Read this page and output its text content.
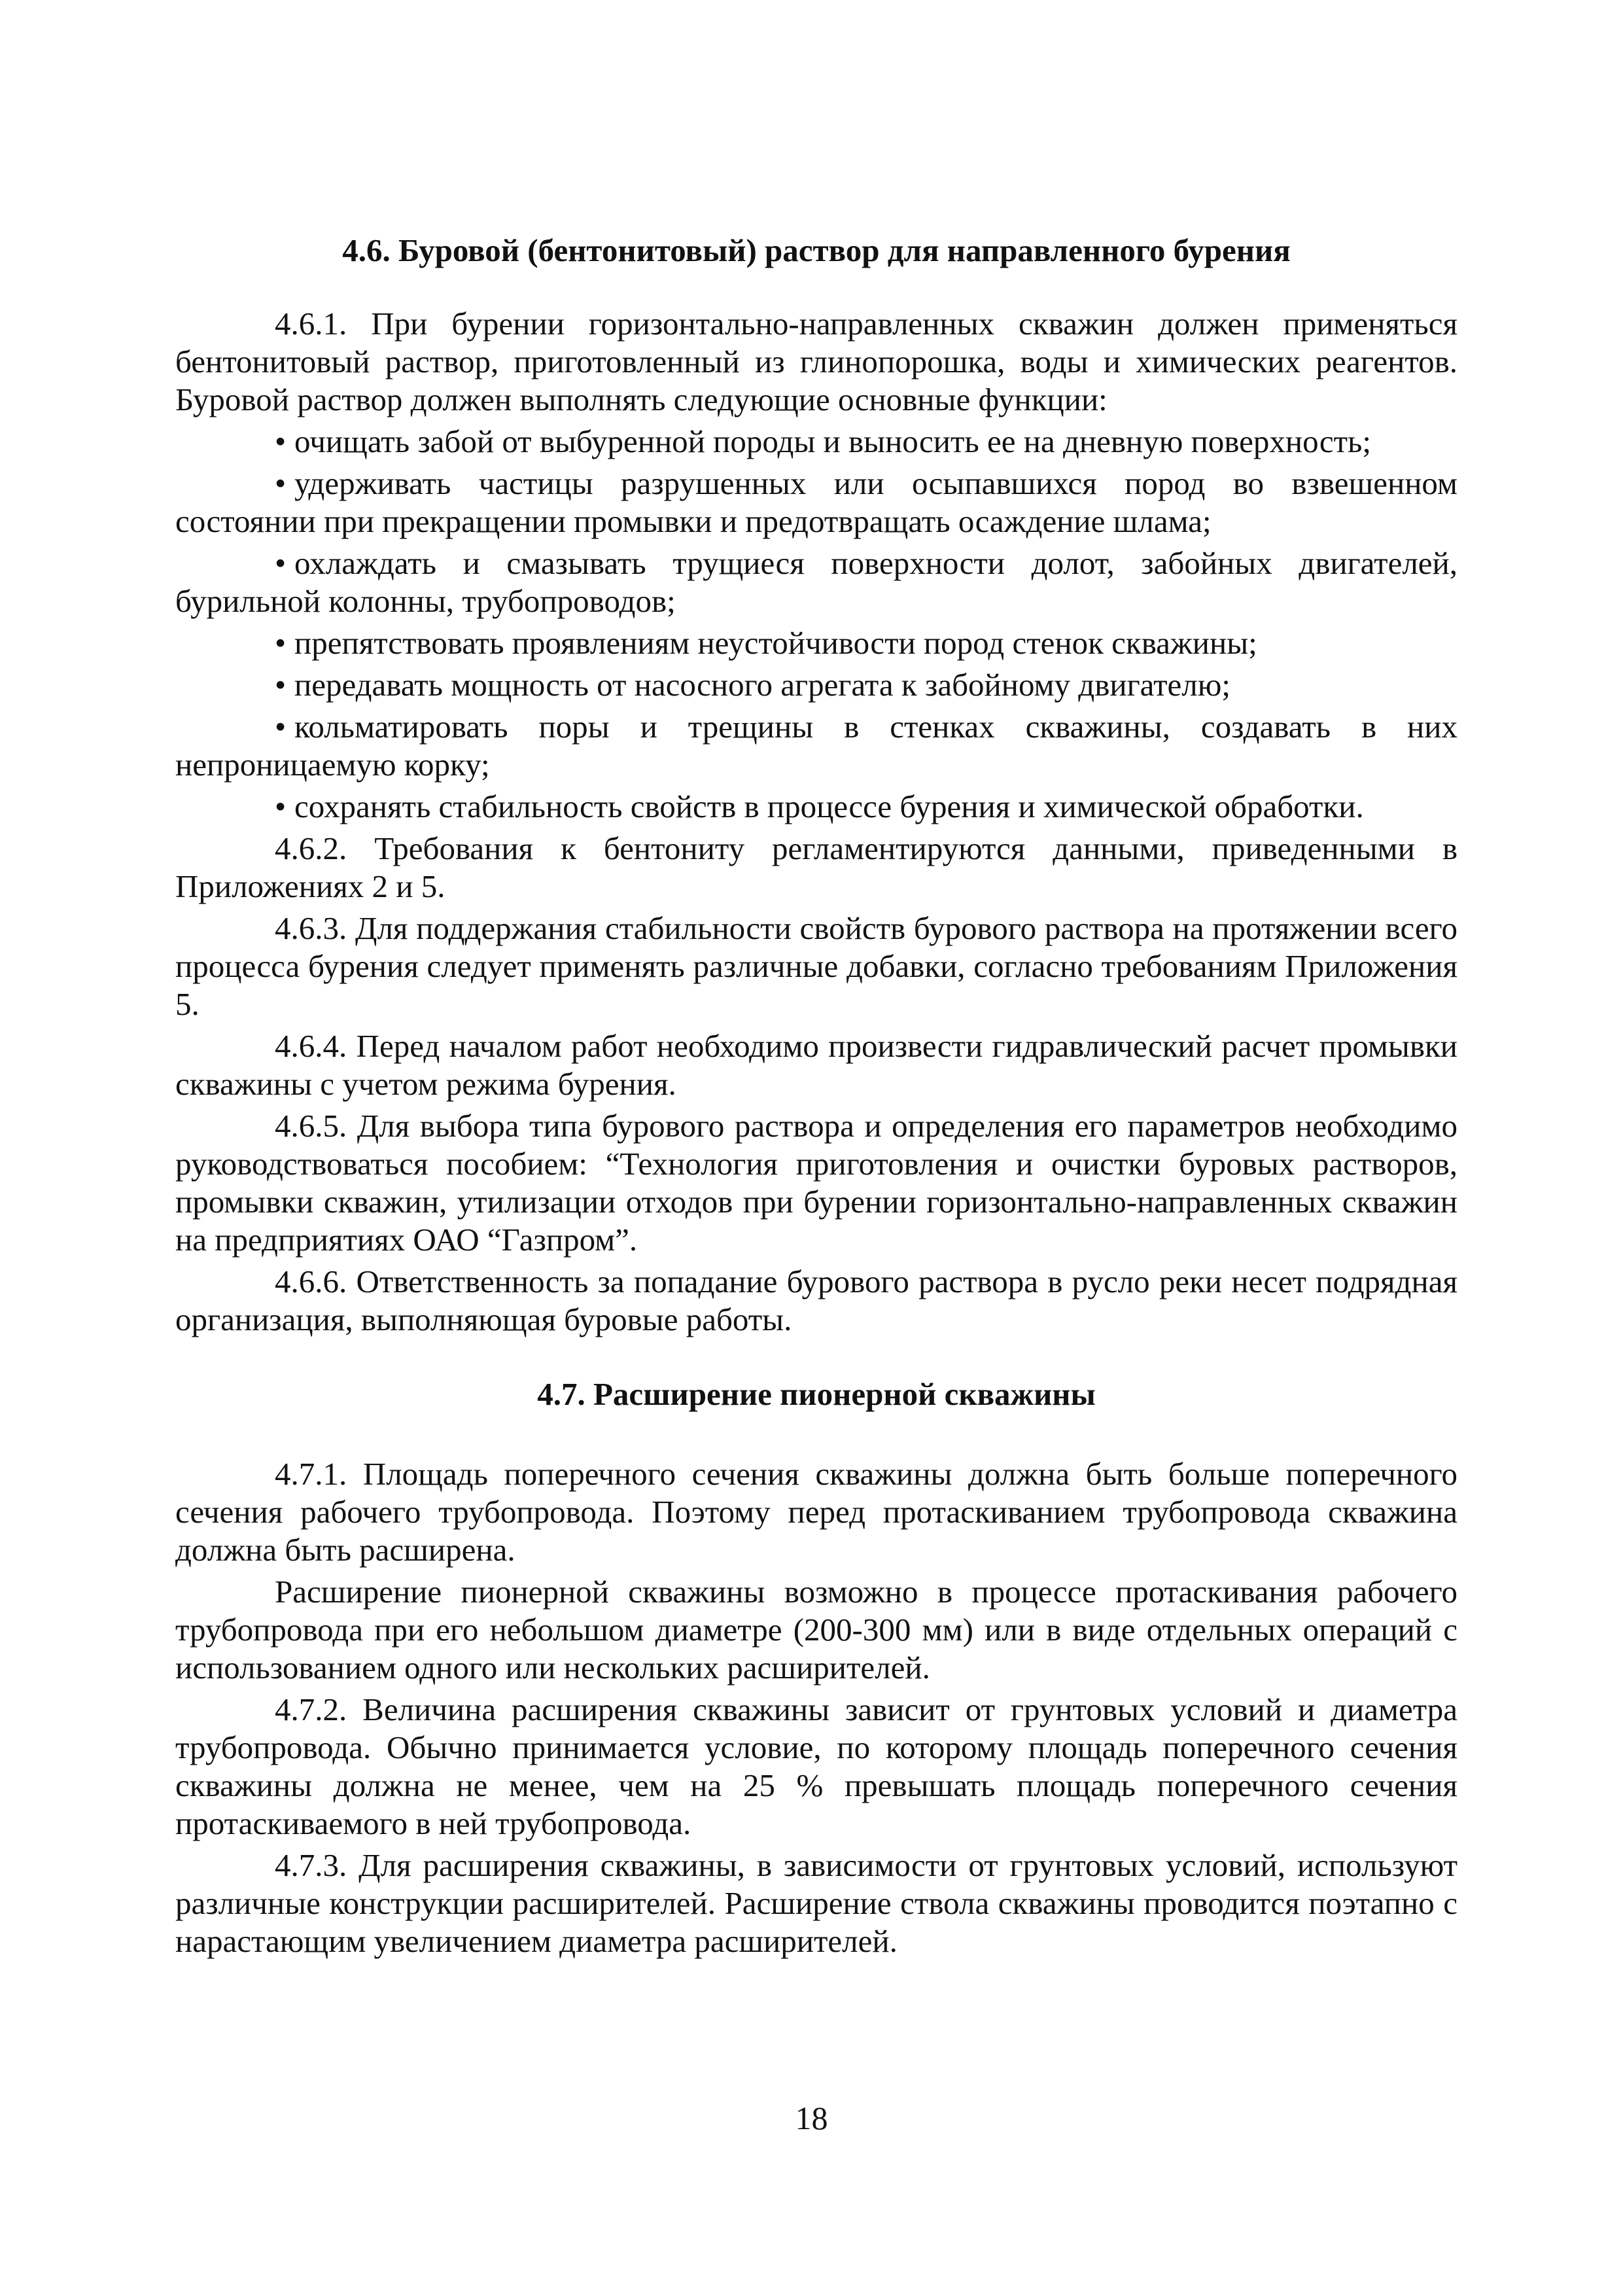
4.6. Буровой (бентонитовый) раствор для направленного бурения

4.6.1. При бурении горизонтально-направленных скважин должен применяться бентонитовый раствор, приготовленный из глинопорошка, воды и химических реагентов. Буровой раствор должен выполнять следующие основные функции:

• очищать забой от выбуренной породы и выносить ее на дневную поверхность;

• удерживать частицы разрушенных или осыпавшихся пород во взвешенном состоянии при прекращении промывки и предотвращать осаждение шлама;

• охлаждать и смазывать трущиеся поверхности долот, забойных двигателей, бурильной колонны, трубопроводов;

• препятствовать проявлениям неустойчивости пород стенок скважины;

• передавать мощность от насосного агрегата к забойному двигателю;

• кольматировать поры и трещины в стенках скважины, создавать в них непроницаемую корку;

• сохранять стабильность свойств в процессе бурения и химической обработки.

4.6.2. Требования к бентониту регламентируются данными, приведенными в Приложениях 2 и 5.

4.6.3. Для поддержания стабильности свойств бурового раствора на протяжении всего процесса бурения следует применять различные добавки, согласно требованиям Приложения 5.

4.6.4. Перед началом работ необходимо произвести гидравлический расчет промывки скважины с учетом режима бурения.

4.6.5. Для выбора типа бурового раствора и определения его параметров необходимо руководствоваться пособием: “Технология приготовления и очистки буровых растворов, промывки скважин, утилизации отходов при бурении горизонтально-направленных скважин на предприятиях ОАО “Газпром”.

4.6.6. Ответственность за попадание бурового раствора в русло реки несет подрядная организация, выполняющая буровые работы.

4.7. Расширение пионерной скважины

4.7.1. Площадь поперечного сечения скважины должна быть больше поперечного сечения рабочего трубопровода. Поэтому перед протаскиванием трубопровода скважина должна быть расширена.

Расширение пионерной скважины возможно в процессе протаскивания рабочего трубопровода при его небольшом диаметре (200-300 мм) или в виде отдельных операций с использованием одного или нескольких расширителей.

4.7.2. Величина расширения скважины зависит от грунтовых условий и диаметра трубопровода. Обычно принимается условие, по которому площадь поперечного сечения скважины должна не менее, чем на 25 % превышать площадь поперечного сечения протаскиваемого в ней трубопровода.

4.7.3. Для расширения скважины, в зависимости от грунтовых условий, используют различные конструкции расширителей. Расширение ствола скважины проводится поэтапно с нарастающим увеличением диаметра расширителей.

18
